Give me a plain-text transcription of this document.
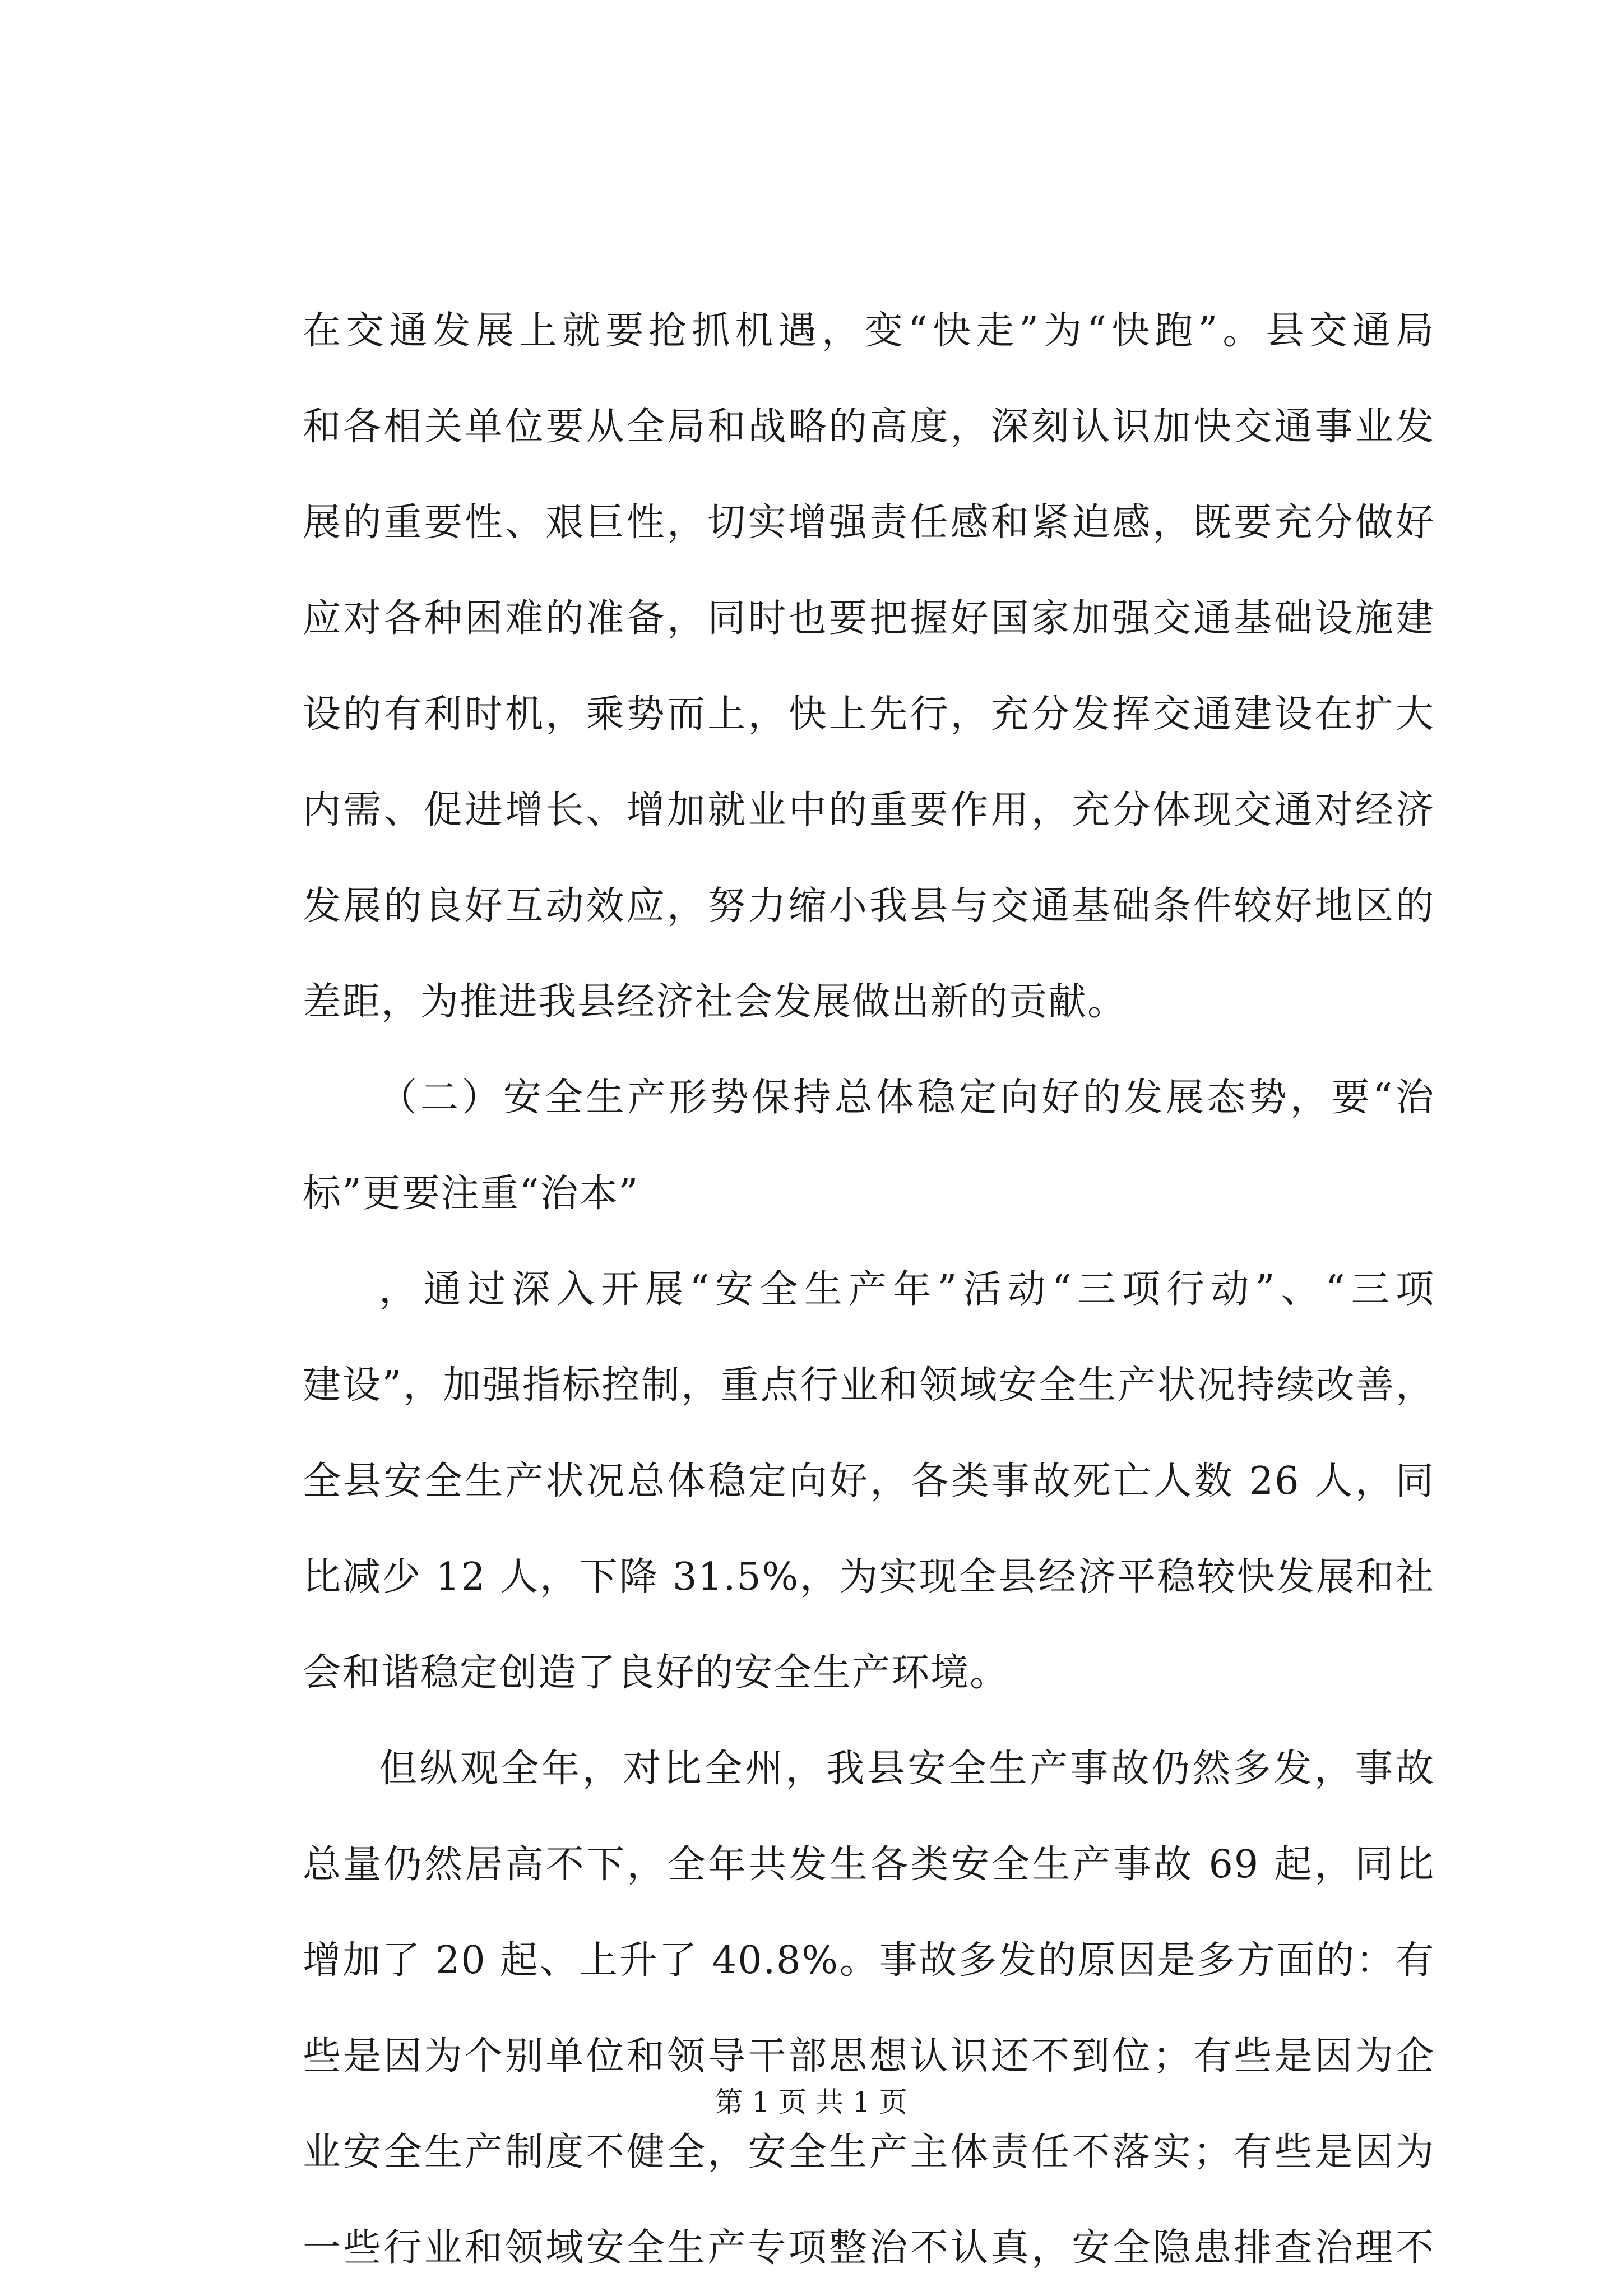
在交通发展上就要抢抓机遇，变“快走”为“快跑”。县交通局
和各相关单位要从全局和战略的高度，深刻认识加快交通事业发
展的重要性、艰巨性，切实增强责任感和紧迫感，既要充分做好
应对各种困难的准备，同时也要把握好国家加强交通基础设施建
设的有利时机，乘势而上，快上先行，充分发挥交通建设在扩大
内需、促进增长、增加就业中的重要作用，充分体现交通对经济
发展的良好互动效应，努力缩小我县与交通基础条件较好地区的
差距，为推进我县经济社会发展做出新的贡献。
（二）安全生产形势保持总体稳定向好的发展态势，要“治
标”更要注重“治本”
，通过深入开展“安全生产年”活动“三项行动”、“三项
建设”，加强指标控制，重点行业和领域安全生产状况持续改善，
全县安全生产状况总体稳定向好，各类事故死亡人数 26 人，同
比减少 12 人，下降 31.5%，为实现全县经济平稳较快发展和社
会和谐稳定创造了良好的安全生产环境。
但纵观全年，对比全州，我县安全生产事故仍然多发，事故
总量仍然居高不下，全年共发生各类安全生产事故 69 起，同比
增加了 20 起、上升了 40.8%。事故多发的原因是多方面的：有
些是因为个别单位和领导干部思想认识还不到位；有些是因为企
业安全生产制度不健全，安全生产主体责任不落实；有些是因为
一些行业和领域安全生产专项整治不认真，安全隐患排查治理不
第 1 页 共 1 页
